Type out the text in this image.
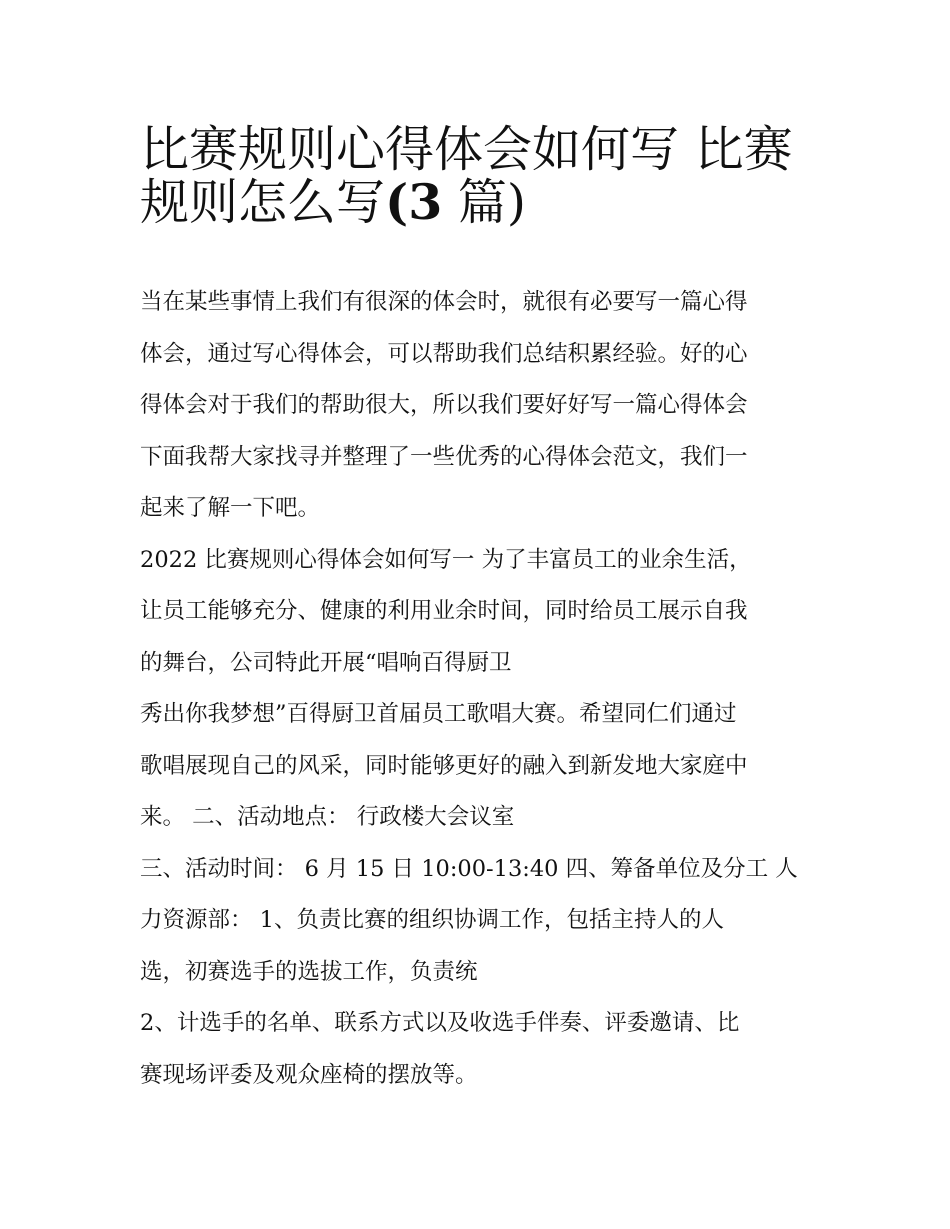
比赛规则心得体会如何写 比赛
规则怎么写(3 篇)
当在某些事情上我们有很深的体会时，就很有必要写一篇心得
体会，通过写心得体会，可以帮助我们总结积累经验。好的心
得体会对于我们的帮助很大，所以我们要好好写一篇心得体会
下面我帮大家找寻并整理了一些优秀的心得体会范文，我们一
起来了解一下吧。
2022 比赛规则心得体会如何写一 为了丰富员工的业余生活，
让员工能够充分、健康的利用业余时间，同时给员工展示自我
的舞台，公司特此开展“唱响百得厨卫
秀出你我梦想”百得厨卫首届员工歌唱大赛。希望同仁们通过
歌唱展现自己的风采，同时能够更好的融入到新发地大家庭中
来。 二、活动地点： 行政楼大会议室
三、活动时间： 6 月 15 日 10:00-13:40 四、筹备单位及分工 人
力资源部： 1、负责比赛的组织协调工作，包括主持人的人
选，初赛选手的选拔工作，负责统
2、计选手的名单、联系方式以及收选手伴奏、评委邀请、比
赛现场评委及观众座椅的摆放等。
